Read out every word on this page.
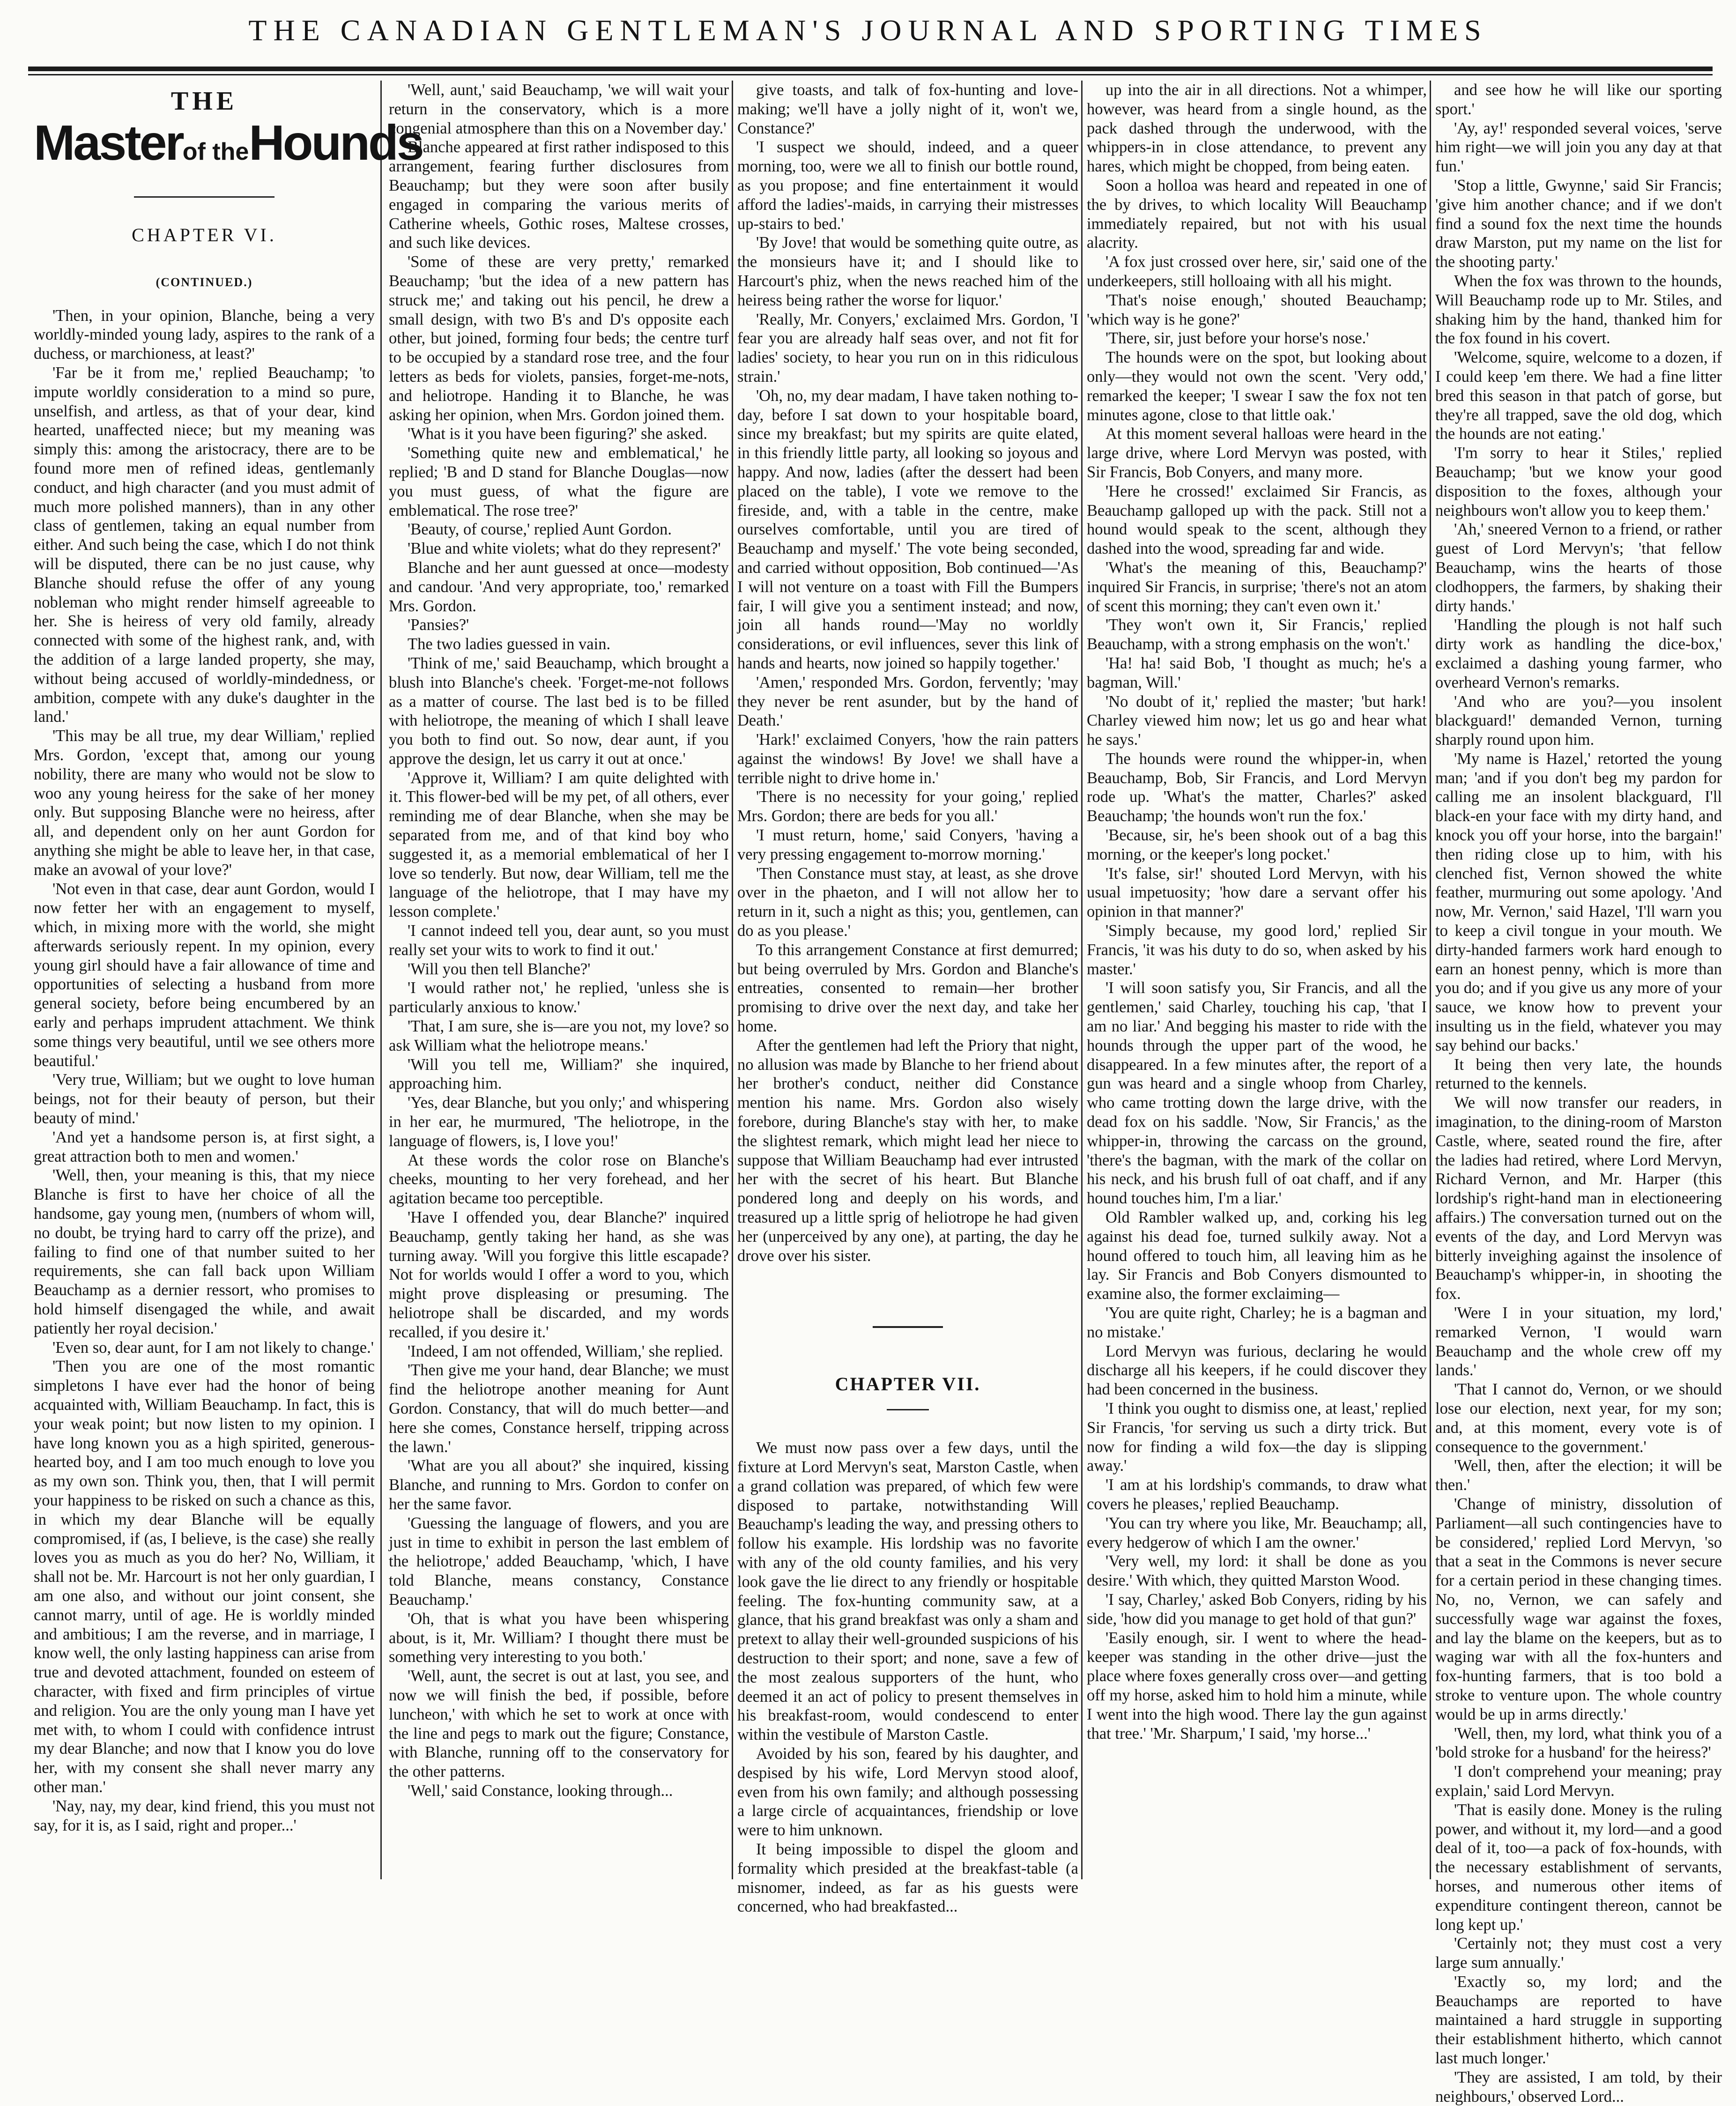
THE CANADIAN GENTLEMAN'S JOURNAL AND SPORTING TIMES
THE
Masterof theHounds
CHAPTER VI.
(CONTINUED.)

'Then, in your opinion, Blanche, being a very worldly-minded young lady, aspires to the rank of a duchess, or marchioness, at least?'

'Far be it from me,' replied Beauchamp; 'to impute worldly consideration to a mind so pure, unselfish, and artless, as that of your dear, kind hearted, unaffected niece; but my meaning was simply this: among the aristocracy, there are to be found more men of refined ideas, gentlemanly conduct, and high character (and you must admit of much more polished manners), than in any other class of gentlemen, taking an equal number from either. And such being the case, which I do not think will be disputed, there can be no just cause, why Blanche should refuse the offer of any young nobleman who might render himself agreeable to her. She is heiress of very old family, already connected with some of the highest rank, and, with the addition of a large landed property, she may, without being accused of worldly-mindedness, or ambition, compete with any duke's daughter in the land.'

'This may be all true, my dear William,' replied Mrs. Gordon, 'except that, among our young nobility, there are many who would not be slow to woo any young heiress for the sake of her money only. But supposing Blanche were no heiress, after all, and dependent only on her aunt Gordon for anything she might be able to leave her, in that case, make an avowal of your love?'

'Not even in that case, dear aunt Gordon, would I now fetter her with an engagement to myself, which, in mixing more with the world, she might afterwards seriously repent. In my opinion, every young girl should have a fair allowance of time and opportunities of selecting a husband from more general society, before being encumbered by an early and perhaps imprudent attachment. We think some things very beautiful, until we see others more beautiful.'

'Very true, William; but we ought to love human beings, not for their beauty of person, but their beauty of mind.'

'And yet a handsome person is, at first sight, a great attraction both to men and women.'

'Well, then, your meaning is this, that my niece Blanche is first to have her choice of all the handsome, gay young men, (numbers of whom will, no doubt, be trying hard to carry off the prize), and failing to find one of that number suited to her requirements, she can fall back upon William Beauchamp as a dernier ressort, who promises to hold himself disengaged the while, and await patiently her royal decision.'

'Even so, dear aunt, for I am not likely to change.'

'Then you are one of the most romantic simpletons I have ever had the honor of being acquainted with, William Beauchamp. In fact, this is your weak point; but now listen to my opinion. I have long known you as a high spirited, generous-hearted boy, and I am too much enough to love you as my own son. Think you, then, that I will permit your happiness to be risked on such a chance as this, in which my dear Blanche will be equally compromised, if (as, I believe, is the case) she really loves you as much as you do her? No, William, it shall not be. Mr. Harcourt is not her only guardian, I am one also, and without our joint consent, she cannot marry, until of age. He is worldly minded and ambitious; I am the reverse, and in marriage, I know well, the only lasting happiness can arise from true and devoted attachment, founded on esteem of character, with fixed and firm principles of virtue and religion. You are the only young man I have yet met with, to whom I could with confidence intrust my dear Blanche; and now that I know you do love her, with my consent she shall never marry any other man.'

'Nay, nay, my dear, kind friend, this you must not say, for it is, as I said, right and proper...'

'Well, aunt,' said Beauchamp, 'we will wait your return in the conservatory, which is a more congenial atmosphere than this on a November day.'

Blanche appeared at first rather indisposed to this arrangement, fearing further disclosures from Beauchamp; but they were soon after busily engaged in comparing the various merits of Catherine wheels, Gothic roses, Maltese crosses, and such like devices.

'Some of these are very pretty,' remarked Beauchamp; 'but the idea of a new pattern has struck me;' and taking out his pencil, he drew a small design, with two B's and D's opposite each other, but joined, forming four beds; the centre turf to be occupied by a standard rose tree, and the four letters as beds for violets, pansies, forget-me-nots, and heliotrope. Handing it to Blanche, he was asking her opinion, when Mrs. Gordon joined them.

'What is it you have been figuring?' she asked.

'Something quite new and emblematical,' he replied; 'B and D stand for Blanche Douglas—now you must guess, of what the figure are emblematical. The rose tree?'

'Beauty, of course,' replied Aunt Gordon.

'Blue and white violets; what do they represent?'

Blanche and her aunt guessed at once—modesty and candour. 'And very appropriate, too,' remarked Mrs. Gordon.

'Pansies?'

The two ladies guessed in vain.

'Think of me,' said Beauchamp, which brought a blush into Blanche's cheek. 'Forget-me-not follows as a matter of course. The last bed is to be filled with heliotrope, the meaning of which I shall leave you both to find out. So now, dear aunt, if you approve the design, let us carry it out at once.'

'Approve it, William? I am quite delighted with it. This flower-bed will be my pet, of all others, ever reminding me of dear Blanche, when she may be separated from me, and of that kind boy who suggested it, as a memorial emblematical of her I love so tenderly. But now, dear William, tell me the language of the heliotrope, that I may have my lesson complete.'

'I cannot indeed tell you, dear aunt, so you must really set your wits to work to find it out.'

'Will you then tell Blanche?'

'I would rather not,' he replied, 'unless she is particularly anxious to know.'

'That, I am sure, she is—are you not, my love? so ask William what the heliotrope means.'

'Will you tell me, William?' she inquired, approaching him.

'Yes, dear Blanche, but you only;' and whispering in her ear, he murmured, 'The heliotrope, in the language of flowers, is, I love you!'

At these words the color rose on Blanche's cheeks, mounting to her very forehead, and her agitation became too perceptible.

'Have I offended you, dear Blanche?' inquired Beauchamp, gently taking her hand, as she was turning away. 'Will you forgive this little escapade? Not for worlds would I offer a word to you, which might prove displeasing or presuming. The heliotrope shall be discarded, and my words recalled, if you desire it.'

'Indeed, I am not offended, William,' she replied.

'Then give me your hand, dear Blanche; we must find the heliotrope another meaning for Aunt Gordon. Constancy, that will do much better—and here she comes, Constance herself, tripping across the lawn.'

'What are you all about?' she inquired, kissing Blanche, and running to Mrs. Gordon to confer on her the same favor.

'Guessing the language of flowers, and you are just in time to exhibit in person the last emblem of the heliotrope,' added Beauchamp, 'which, I have told Blanche, means constancy, Constance Beauchamp.'

'Oh, that is what you have been whispering about, is it, Mr. William? I thought there must be something very interesting to you both.'

'Well, aunt, the secret is out at last, you see, and now we will finish the bed, if possible, before luncheon,' with which he set to work at once with the line and pegs to mark out the figure; Constance, with Blanche, running off to the conservatory for the other patterns.

'Well,' said Constance, looking through...

give toasts, and talk of fox-hunting and love-making; we'll have a jolly night of it, won't we, Constance?'

'I suspect we should, indeed, and a queer morning, too, were we all to finish our bottle round, as you propose; and fine entertainment it would afford the ladies'-maids, in carrying their mistresses up-stairs to bed.'

'By Jove! that would be something quite outre, as the monsieurs have it; and I should like to Harcourt's phiz, when the news reached him of the heiress being rather the worse for liquor.'

'Really, Mr. Conyers,' exclaimed Mrs. Gordon, 'I fear you are already half seas over, and not fit for ladies' society, to hear you run on in this ridiculous strain.'

'Oh, no, my dear madam, I have taken nothing to-day, before I sat down to your hospitable board, since my breakfast; but my spirits are quite elated, in this friendly little party, all looking so joyous and happy. And now, ladies (after the dessert had been placed on the table), I vote we remove to the fireside, and, with a table in the centre, make ourselves comfortable, until you are tired of Beauchamp and myself.' The vote being seconded, and carried without opposition, Bob continued—'As I will not venture on a toast with Fill the Bumpers fair, I will give you a sentiment instead; and now, join all hands round—'May no worldly considerations, or evil influences, sever this link of hands and hearts, now joined so happily together.'

'Amen,' responded Mrs. Gordon, fervently; 'may they never be rent asunder, but by the hand of Death.'

'Hark!' exclaimed Conyers, 'how the rain patters against the windows! By Jove! we shall have a terrible night to drive home in.'

'There is no necessity for your going,' replied Mrs. Gordon; there are beds for you all.'

'I must return, home,' said Conyers, 'having a very pressing engagement to-morrow morning.'

'Then Constance must stay, at least, as she drove over in the phaeton, and I will not allow her to return in it, such a night as this; you, gentlemen, can do as you please.'

To this arrangement Constance at first demurred; but being overruled by Mrs. Gordon and Blanche's entreaties, consented to remain—her brother promising to drive over the next day, and take her home.

After the gentlemen had left the Priory that night, no allusion was made by Blanche to her friend about her brother's conduct, neither did Constance mention his name. Mrs. Gordon also wisely forebore, during Blanche's stay with her, to make the slightest remark, which might lead her niece to suppose that William Beauchamp had ever intrusted her with the secret of his heart. But Blanche pondered long and deeply on his words, and treasured up a little sprig of heliotrope he had given her (unperceived by any one), at parting, the day he drove over his sister.

CHAPTER VII.

We must now pass over a few days, until the fixture at Lord Mervyn's seat, Marston Castle, when a grand collation was prepared, of which few were disposed to partake, notwithstanding Will Beauchamp's leading the way, and pressing others to follow his example. His lordship was no favorite with any of the old county families, and his very look gave the lie direct to any friendly or hospitable feeling. The fox-hunting community saw, at a glance, that his grand breakfast was only a sham and pretext to allay their well-grounded suspicions of his destruction to their sport; and none, save a few of the most zealous supporters of the hunt, who deemed it an act of policy to present themselves in his breakfast-room, would condescend to enter within the vestibule of Marston Castle.

Avoided by his son, feared by his daughter, and despised by his wife, Lord Mervyn stood aloof, even from his own family; and although possessing a large circle of acquaintances, friendship or love were to him unknown.

It being impossible to dispel the gloom and formality which presided at the breakfast-table (a misnomer, indeed, as far as his guests were concerned, who had breakfasted...

up into the air in all directions. Not a whimper, however, was heard from a single hound, as the pack dashed through the underwood, with the whippers-in in close attendance, to prevent any hares, which might be chopped, from being eaten.

Soon a holloa was heard and repeated in one of the by drives, to which locality Will Beauchamp immediately repaired, but not with his usual alacrity.

'A fox just crossed over here, sir,' said one of the underkeepers, still holloaing with all his might.

'That's noise enough,' shouted Beauchamp; 'which way is he gone?'

'There, sir, just before your horse's nose.'

The hounds were on the spot, but looking about only—they would not own the scent. 'Very odd,' remarked the keeper; 'I swear I saw the fox not ten minutes agone, close to that little oak.'

At this moment several halloas were heard in the large drive, where Lord Mervyn was posted, with Sir Francis, Bob Conyers, and many more.

'Here he crossed!' exclaimed Sir Francis, as Beauchamp galloped up with the pack. Still not a hound would speak to the scent, although they dashed into the wood, spreading far and wide.

'What's the meaning of this, Beauchamp?' inquired Sir Francis, in surprise; 'there's not an atom of scent this morning; they can't even own it.'

'They won't own it, Sir Francis,' replied Beauchamp, with a strong emphasis on the won't.'

'Ha! ha! said Bob, 'I thought as much; he's a bagman, Will.'

'No doubt of it,' replied the master; 'but hark! Charley viewed him now; let us go and hear what he says.'

The hounds were round the whipper-in, when Beauchamp, Bob, Sir Francis, and Lord Mervyn rode up. 'What's the matter, Charles?' asked Beauchamp; 'the hounds won't run the fox.'

'Because, sir, he's been shook out of a bag this morning, or the keeper's long pocket.'

'It's false, sir!' shouted Lord Mervyn, with his usual impetuosity; 'how dare a servant offer his opinion in that manner?'

'Simply because, my good lord,' replied Sir Francis, 'it was his duty to do so, when asked by his master.'

'I will soon satisfy you, Sir Francis, and all the gentlemen,' said Charley, touching his cap, 'that I am no liar.' And begging his master to ride with the hounds through the upper part of the wood, he disappeared. In a few minutes after, the report of a gun was heard and a single whoop from Charley, who came trotting down the large drive, with the dead fox on his saddle. 'Now, Sir Francis,' as the whipper-in, throwing the carcass on the ground, 'there's the bagman, with the mark of the collar on his neck, and his brush full of oat chaff, and if any hound touches him, I'm a liar.'

Old Rambler walked up, and, corking his leg against his dead foe, turned sulkily away. Not a hound offered to touch him, all leaving him as he lay. Sir Francis and Bob Conyers dismounted to examine also, the former exclaiming—

'You are quite right, Charley; he is a bagman and no mistake.'

Lord Mervyn was furious, declaring he would discharge all his keepers, if he could discover they had been concerned in the business.

'I think you ought to dismiss one, at least,' replied Sir Francis, 'for serving us such a dirty trick. But now for finding a wild fox—the day is slipping away.'

'I am at his lordship's commands, to draw what covers he pleases,' replied Beauchamp.

'You can try where you like, Mr. Beauchamp; all, every hedgerow of which I am the owner.'

'Very well, my lord: it shall be done as you desire.' With which, they quitted Marston Wood.

'I say, Charley,' asked Bob Conyers, riding by his side, 'how did you manage to get hold of that gun?'

'Easily enough, sir. I went to where the head-keeper was standing in the other drive—just the place where foxes generally cross over—and getting off my horse, asked him to hold him a minute, while I went into the high wood. There lay the gun against that tree.' 'Mr. Sharpum,' I said, 'my horse...'

and see how he will like our sporting sport.'

'Ay, ay!' responded several voices, 'serve him right—we will join you any day at that fun.'

'Stop a little, Gwynne,' said Sir Francis; 'give him another chance; and if we don't find a sound fox the next time the hounds draw Marston, put my name on the list for the shooting party.'

When the fox was thrown to the hounds, Will Beauchamp rode up to Mr. Stiles, and shaking him by the hand, thanked him for the fox found in his covert.

'Welcome, squire, welcome to a dozen, if I could keep 'em there. We had a fine litter bred this season in that patch of gorse, but they're all trapped, save the old dog, which the hounds are not eating.'

'I'm sorry to hear it Stiles,' replied Beauchamp; 'but we know your good disposition to the foxes, although your neighbours won't allow you to keep them.'

'Ah,' sneered Vernon to a friend, or rather guest of Lord Mervyn's; 'that fellow Beauchamp, wins the hearts of those clodhoppers, the farmers, by shaking their dirty hands.'

'Handling the plough is not half such dirty work as handling the dice-box,' exclaimed a dashing young farmer, who overheard Vernon's remarks.

'And who are you?—you insolent blackguard!' demanded Vernon, turning sharply round upon him.

'My name is Hazel,' retorted the young man; 'and if you don't beg my pardon for calling me an insolent blackguard, I'll black-en your face with my dirty hand, and knock you off your horse, into the bargain!' then riding close up to him, with his clenched fist, Vernon showed the white feather, murmuring out some apology. 'And now, Mr. Vernon,' said Hazel, 'I'll warn you to keep a civil tongue in your mouth. We dirty-handed farmers work hard enough to earn an honest penny, which is more than you do; and if you give us any more of your sauce, we know how to prevent your insulting us in the field, whatever you may say behind our backs.'

It being then very late, the hounds returned to the kennels.

We will now transfer our readers, in imagination, to the dining-room of Marston Castle, where, seated round the fire, after the ladies had retired, where Lord Mervyn, Richard Vernon, and Mr. Harper (this lordship's right-hand man in electioneering affairs.) The conversation turned out on the events of the day, and Lord Mervyn was bitterly inveighing against the insolence of Beauchamp's whipper-in, in shooting the fox.

'Were I in your situation, my lord,' remarked Vernon, 'I would warn Beauchamp and the whole crew off my lands.'

'That I cannot do, Vernon, or we should lose our election, next year, for my son; and, at this moment, every vote is of consequence to the government.'

'Well, then, after the election; it will be then.'

'Change of ministry, dissolution of Parliament—all such contingencies have to be considered,' replied Lord Mervyn, 'so that a seat in the Commons is never secure for a certain period in these changing times. No, no, Vernon, we can safely and successfully wage war against the foxes, and lay the blame on the keepers, but as to waging war with all the fox-hunters and fox-hunting farmers, that is too bold a stroke to venture upon. The whole country would be up in arms directly.'

'Well, then, my lord, what think you of a 'bold stroke for a husband' for the heiress?'

'I don't comprehend your meaning; pray explain,' said Lord Mervyn.

'That is easily done. Money is the ruling power, and without it, my lord—and a good deal of it, too—a pack of fox-hounds, with the necessary establishment of servants, horses, and numerous other items of expenditure contingent thereon, cannot be long kept up.'

'Certainly not; they must cost a very large sum annually.'

'Exactly so, my lord; and the Beauchamps are reported to have maintained a hard struggle in supporting their establishment hitherto, which cannot last much longer.'

'They are assisted, I am told, by their neighbours,' observed Lord...
